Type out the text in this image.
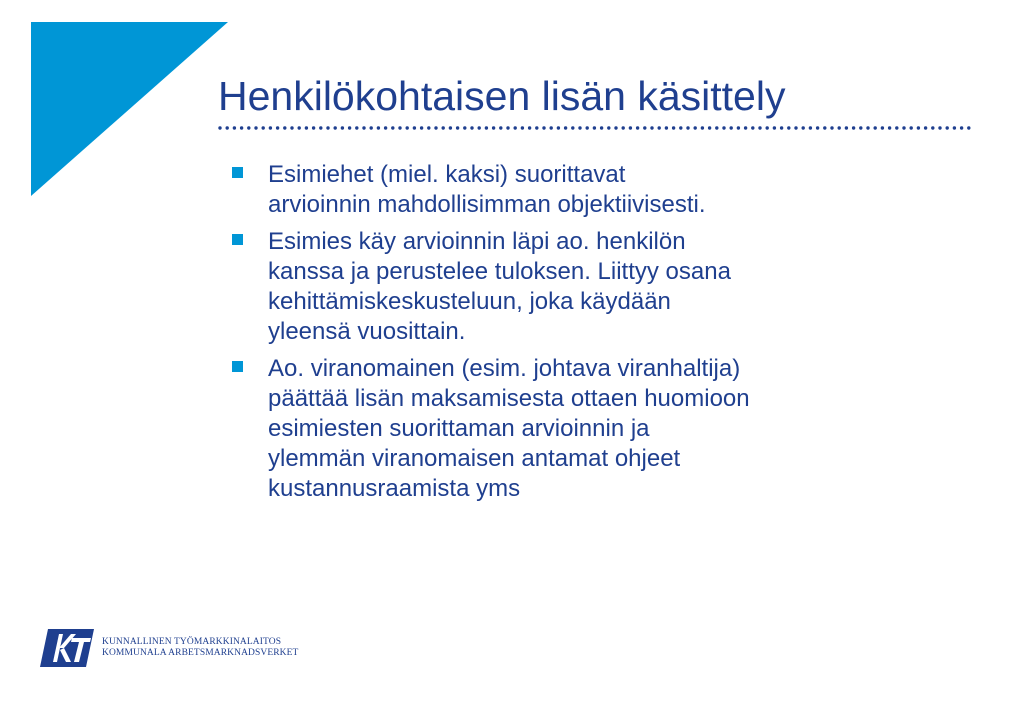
Henkilökohtaisen lisän käsittely
Esimiehet (miel. kaksi) suorittavat
arvioinnin mahdollisimman objektiivisesti.
Esimies käy arvioinnin läpi ao. henkilön
kanssa ja perustelee tuloksen. Liittyy osana
kehittämiskeskusteluun, joka käydään
yleensä vuosittain.
Ao. viranomainen (esim. johtava viranhaltija)
päättää lisän maksamisesta ottaen huomioon
esimiesten suorittaman arvioinnin ja
ylemmän viranomaisen antamat ohjeet
kustannusraamista yms
KUNNALLINEN TYÖMARKKINALAITOS
KOMMUNALA ARBETSMARKNADSVERKET
